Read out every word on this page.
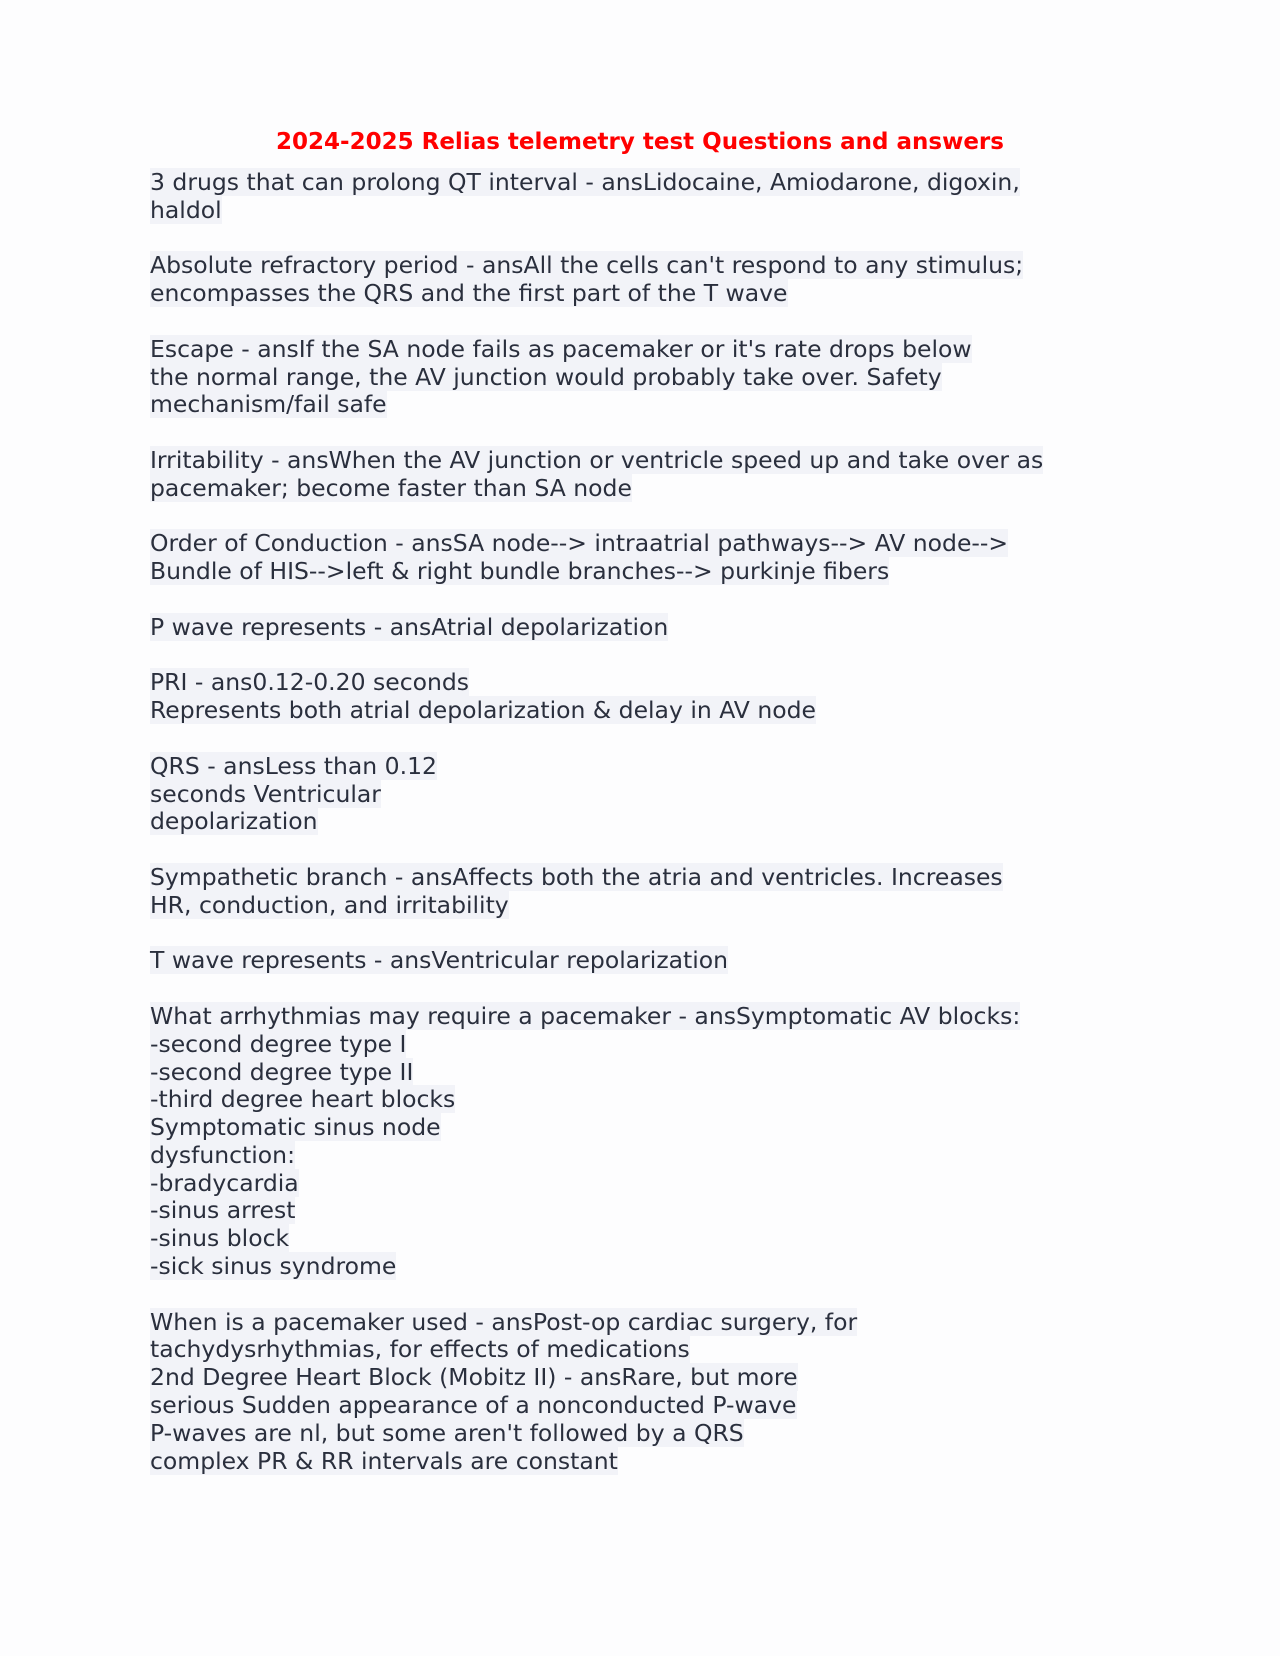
2024-2025 Relias telemetry test Questions and answers
3 drugs that can prolong QT interval - ansLidocaine, Amiodarone, digoxin,
haldol
Absolute refractory period - ansAll the cells can't respond to any stimulus;
encompasses the QRS and the first part of the T wave
Escape - ansIf the SA node fails as pacemaker or it's rate drops below
the normal range, the AV junction would probably take over. Safety
mechanism/fail safe
Irritability - ansWhen the AV junction or ventricle speed up and take over as
pacemaker; become faster than SA node
Order of Conduction - ansSA node--> intraatrial pathways--> AV node-->
Bundle of HIS-->left & right bundle branches--> purkinje fibers
P wave represents - ansAtrial depolarization
PRI - ans0.12-0.20 seconds
Represents both atrial depolarization & delay in AV node
QRS - ansLess than 0.12
seconds Ventricular
depolarization
Sympathetic branch - ansAffects both the atria and ventricles. Increases
HR, conduction, and irritability
T wave represents - ansVentricular repolarization
What arrhythmias may require a pacemaker - ansSymptomatic AV blocks:
-second degree type I
-second degree type II
-third degree heart blocks
Symptomatic sinus node
dysfunction:
-bradycardia
-sinus arrest
-sinus block
-sick sinus syndrome
When is a pacemaker used - ansPost-op cardiac surgery, for
tachydysrhythmias, for effects of medications
2nd Degree Heart Block (Mobitz II) - ansRare, but more
serious Sudden appearance of a nonconducted P-wave
P-waves are nl, but some aren't followed by a QRS
complex PR & RR intervals are constant
